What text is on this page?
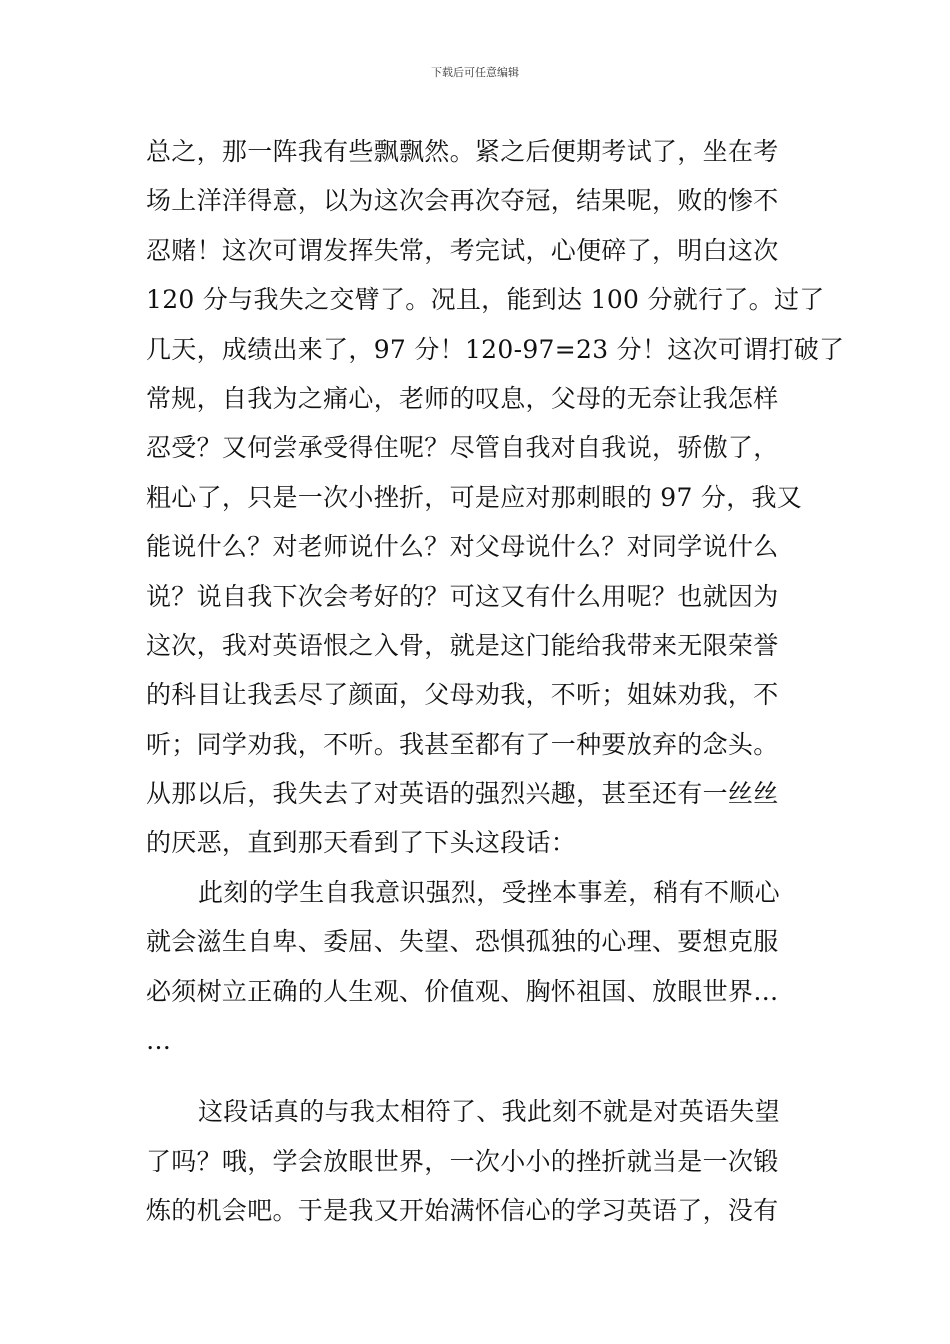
下载后可任意编辑
总之，那一阵我有些飘飘然。紧之后便期考试了，坐在考
场上洋洋得意，以为这次会再次夺冠，结果呢，败的惨不
忍赌！这次可谓发挥失常，考完试，心便碎了，明白这次
120 分与我失之交臂了。况且，能到达 100 分就行了。过了
几天，成绩出来了，97 分！120-97=23 分！这次可谓打破了
常规，自我为之痛心，老师的叹息，父母的无奈让我怎样
忍受？又何尝承受得住呢？尽管自我对自我说，骄傲了，
粗心了，只是一次小挫折，可是应对那刺眼的 97 分，我又
能说什么？对老师说什么？对父母说什么？对同学说什么
说？说自我下次会考好的？可这又有什么用呢？也就因为
这次，我对英语恨之入骨，就是这门能给我带来无限荣誉
的科目让我丢尽了颜面，父母劝我，不听；姐妹劝我，不
听；同学劝我，不听。我甚至都有了一种要放弃的念头。
从那以后，我失去了对英语的强烈兴趣，甚至还有一丝丝
的厌恶，直到那天看到了下头这段话：
此刻的学生自我意识强烈，受挫本事差，稍有不顺心
就会滋生自卑、委屈、失望、恐惧孤独的心理、要想克服
必须树立正确的人生观、价值观、胸怀祖国、放眼世界…
…
这段话真的与我太相符了、我此刻不就是对英语失望
了吗？哦，学会放眼世界，一次小小的挫折就当是一次锻
炼的机会吧。于是我又开始满怀信心的学习英语了，没有
